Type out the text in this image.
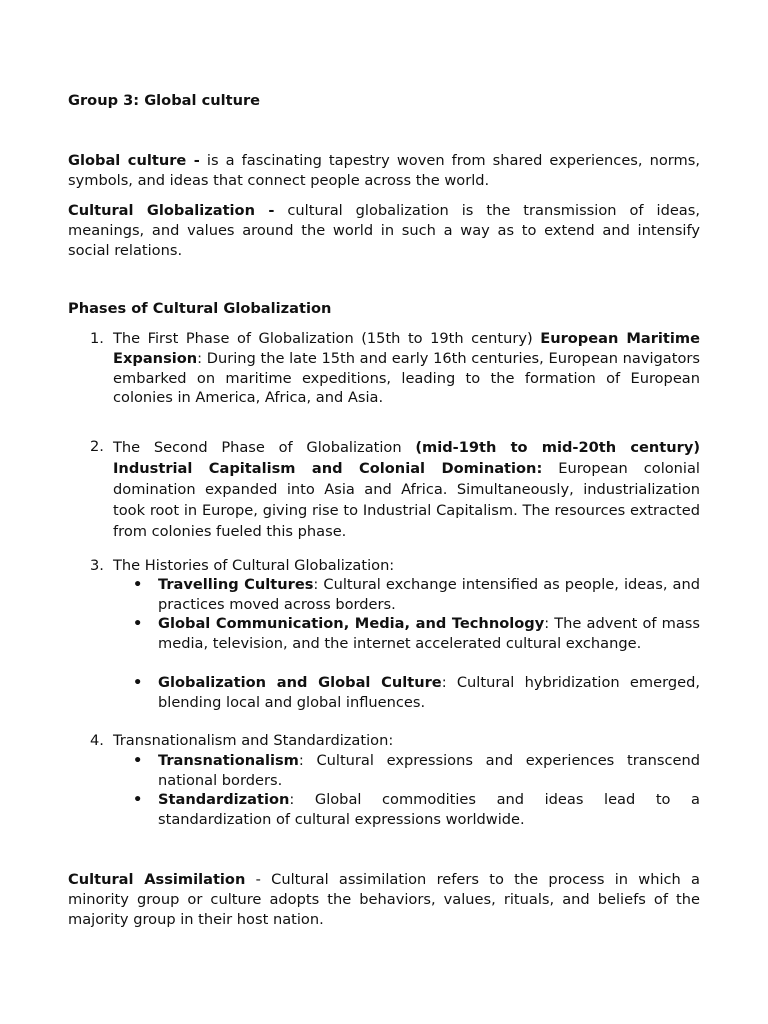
Group 3: Global culture

Global culture - is a fascinating tapestry woven from shared experiences, norms, symbols, and ideas that connect people across the world.

Cultural Globalization - cultural globalization is the transmission of ideas, meanings, and values around the world in such a way as to extend and intensify social relations.

Phases of Cultural Globalization
1. The First Phase of Globalization (15th to 19th century) European Maritime Expansion: During the late 15th and early 16th centuries, European navigators embarked on maritime expeditions, leading to the formation of European colonies in America, Africa, and Asia.

2. The Second Phase of Globalization (mid-19th to mid-20th century) Industrial Capitalism and Colonial Domination: European colonial domination expanded into Asia and Africa. Simultaneously, industrialization took root in Europe, giving rise to Industrial Capitalism. The resources extracted from colonies fueled this phase.

3. The Histories of Cultural Globalization:
•	Travelling Cultures: Cultural exchange intensified as people, ideas, and practices moved across borders.

•	Global Communication, Media, and Technology: The advent of mass media, television, and the internet accelerated cultural exchange.

•	Globalization and Global Culture: Cultural hybridization emerged, blending local and global influences.

4. Transnationalism and Standardization:
•	Transnationalism: Cultural expressions and experiences transcend national borders.

•	Standardization: Global commodities and ideas lead to a standardization of cultural expressions worldwide.

Cultural Assimilation - Cultural assimilation refers to the process in which a minority group or culture adopts the behaviors, values, rituals, and beliefs of the majority group in their host nation.
